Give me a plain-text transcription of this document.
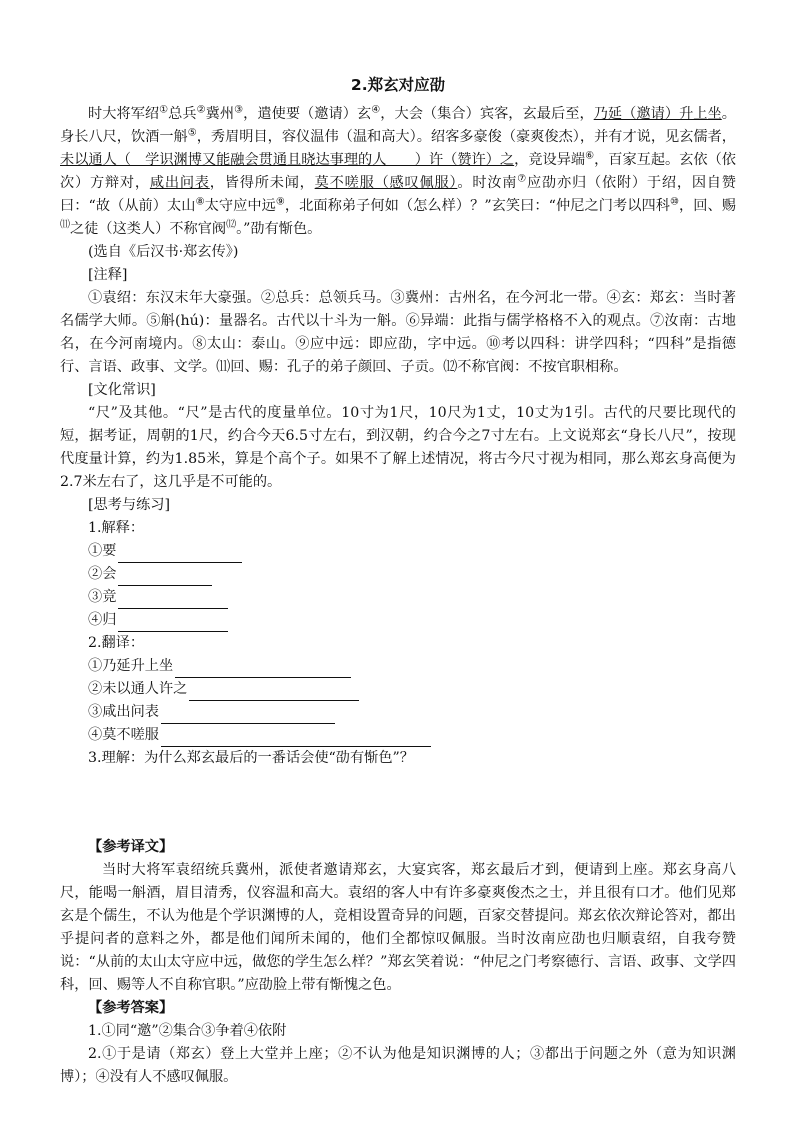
2.郑玄对应劭

时大将军绍①总兵②冀州③，遣使要（邀请）玄④，大会（集合）宾客，玄最后至，乃延（邀请）升上坐。身长八尺，饮酒一斛⑤，秀眉明目，容仪温伟（温和高大）。绍客多豪俊（豪爽俊杰），并有才说，见玄儒者，未以通人（　学识渊博又能融会贯通且晓达事理的人　　）许（赞许）之，竞设异端⑥，百家互起。玄依（依次）方辩对，咸出问表，皆得所未闻，莫不嗟服（感叹佩服）。时汝南⑦应劭亦归（依附）于绍，因自赞曰：“故（从前）太山⑧太守应中远⑨，北面称弟子何如（怎么样）？”玄笑曰：“仲尼之门考以四科⑩，回、赐⑾之徒（这类人）不称官阀⑿。”劭有惭色。

(选自《后汉书·郑玄传》)

[注释]

①袁绍：东汉末年大豪强。②总兵：总领兵马。③冀州：古州名，在今河北一带。④玄：郑玄：当时著名儒学大师。⑤斛(hú)：量器名。古代以十斗为一斛。⑥异端：此指与儒学格格不入的观点。⑦汝南：古地名，在今河南境内。⑧太山：泰山。⑨应中远：即应劭，字中远。⑩考以四科：讲学四科；“四科”是指德行、言语、政事、文学。⑾回、赐：孔子的弟子颜回、子贡。⑿不称官阀：不按官职相称。

[文化常识]

“尺”及其他。“尺”是古代的度量单位。10寸为1尺，10尺为1丈，10丈为1引。古代的尺要比现代的短，据考证，周朝的1尺，约合今天6.5寸左右，到汉朝，约合今之7寸左右。上文说郑玄“身长八尺”，按现代度量计算，约为1.85米，算是个高个子。如果不了解上述情况，将古今尺寸视为相同，那么郑玄身高便为2.7米左右了，这几乎是不可能的。

[思考与练习]

1.解释：

①要
②会
③竞
④归

2.翻译：

①乃延升上坐
②未以通人许之
③咸出问表
④莫不嗟服

3.理解：为什么郑玄最后的一番话会使“劭有惭色”？

【参考译文】

当时大将军袁绍统兵冀州，派使者邀请郑玄，大宴宾客，郑玄最后才到，便请到上座。郑玄身高八尺，能喝一斛酒，眉目清秀，仪容温和高大。袁绍的客人中有许多豪爽俊杰之士，并且很有口才。他们见郑玄是个儒生，不认为他是个学识渊博的人，竞相设置奇异的问题，百家交替提问。郑玄依次辩论答对，都出乎提问者的意料之外，都是他们闻所未闻的，他们全都惊叹佩服。当时汝南应劭也归顺袁绍，自我夸赞说：“从前的太山太守应中远，做您的学生怎么样？”郑玄笑着说：“仲尼之门考察德行、言语、政事、文学四科，回、赐等人不自称官职。”应劭脸上带有惭愧之色。

【参考答案】

1.①同“邀”②集合③争着④依附

2.①于是请（郑玄）登上大堂并上座；②不认为他是知识渊博的人；③都出于问题之外（意为知识渊博）；④没有人不感叹佩服。
